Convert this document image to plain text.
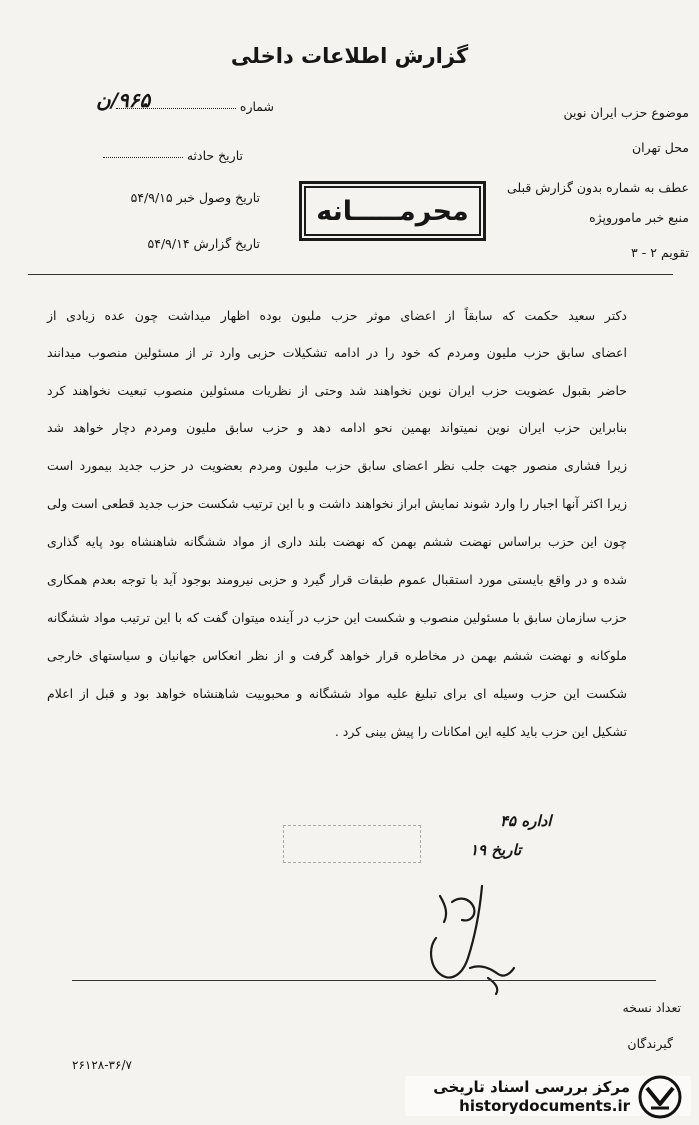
گزارش اطلاعات داخلی
شماره
۹۶۵/ن
تاریخ حادثه
تاریخ وصول خبر ۵۴/۹/۱۵
تاریخ گزارش ۵۴/۹/۱۴
موضوع حزب ایران نوین
محل تهران
عطف به شماره بدون گزارش قبلی
منبع خبر ماموروپژه
تقویم ۲ - ۳
محرمـــــانه
دکتر سعید حکمت که سابقاً از اعضای موثر حزب ملیون بوده اظهار میداشت چون عده زیادی از
اعضای سابق حزب ملیون ومردم که خود را در ادامه تشکیلات حزبی وارد تر از مسئولین منصوب میدانند
حاضر بقبول عضویت حزب ایران نوین نخواهند شد وحتی از نظریات مسئولین منصوب تبعیت نخواهند کرد
بنابراین حزب ایران نوین نمیتواند بهمین نحو ادامه دهد و حزب سابق ملیون ومردم دچار خواهد شد
زیرا فشاری منصور جهت جلب نظر اعضای سابق حزب ملیون ومردم بعضویت در حزب جدید بیمورد است
زیرا اکثر آنها اجبار را وارد شوند نمایش ابراز نخواهند داشت و با این ترتیب شکست حزب جدید قطعی است ولی
چون این حزب براساس نهضت ششم بهمن که نهضت بلند داری از مواد ششگانه شاهنشاه بود پایه گذاری
شده و در واقع بایستی مورد استقبال عموم طبقات قرار گیرد و حزبی نیرومند بوجود آید با توجه بعدم همکاری
حزب سازمان سابق با مسئولین منصوب و شکست این حزب در آینده میتوان گفت که با این ترتیب مواد ششگانه
ملوکانه و نهضت ششم بهمن در مخاطره قرار خواهد گرفت و از نظر انعکاس جهانیان و سیاستهای خارجی
شکست این حزب وسیله ای برای تبلیغ علیه مواد ششگانه و محبوبیت شاهنشاه خواهد بود و قبل از اعلام
تشکیل این حزب باید کلیه این امکانات را پیش بینی کرد .
اداره ۴۵
تاریخ ۱۹
تعداد نسخه
گیرندگان
۲۶۱۲۸-۳۶/۷
مرکز بررسی اسناد تاریخی
historydocuments.ir
